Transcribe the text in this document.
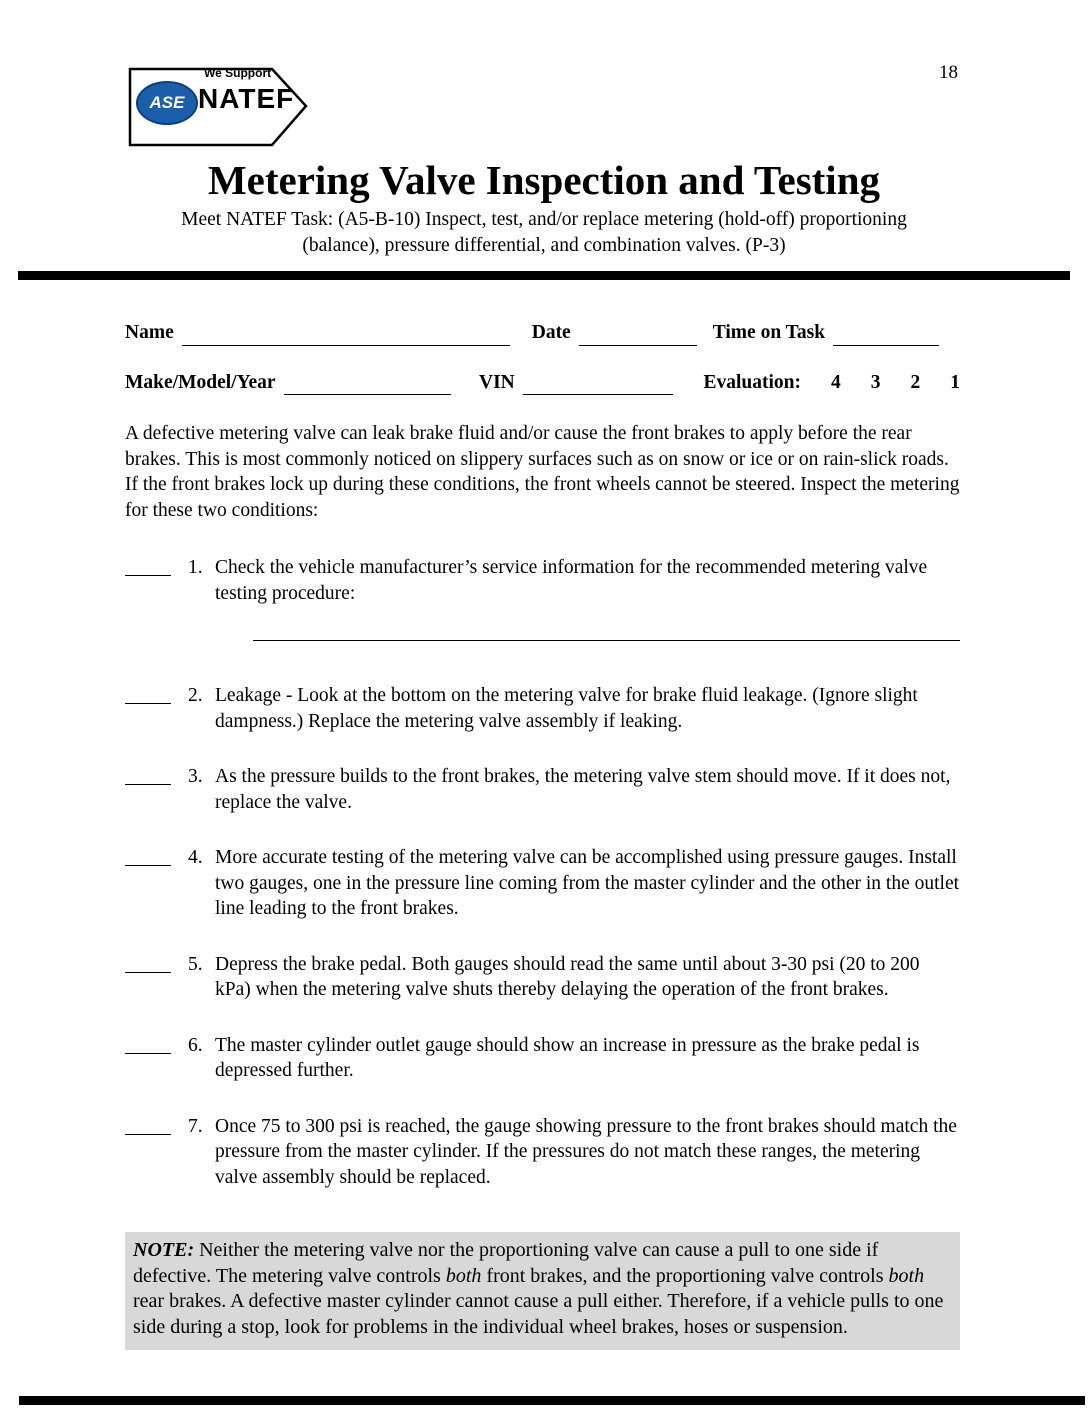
18
We Support
NATEF
ASE
Metering Valve Inspection and Testing
Meet NATEF Task: (A5-B-10) Inspect, test, and/or replace metering (hold-off) proportioning
(balance), pressure differential, and combination valves. (P-3)
Name	Date	Time on Task
Make/Model/Year	VIN	Evaluation: 4 3 2 1
A defective metering valve can leak brake fluid and/or cause the front brakes to apply before the rear brakes. This is most commonly noticed on slippery surfaces such as on snow or ice or on rain-slick roads. If the front brakes lock up during these conditions, the front wheels cannot be steered. Inspect the metering for these two conditions:
1. Check the vehicle manufacturer’s service information for the recommended metering valve testing procedure:
2. Leakage - Look at the bottom on the metering valve for brake fluid leakage. (Ignore slight dampness.) Replace the metering valve assembly if leaking.
3. As the pressure builds to the front brakes, the metering valve stem should move. If it does not, replace the valve.
4. More accurate testing of the metering valve can be accomplished using pressure gauges. Install two gauges, one in the pressure line coming from the master cylinder and the other in the outlet line leading to the front brakes.
5. Depress the brake pedal. Both gauges should read the same until about 3-30 psi (20 to 200 kPa) when the metering valve shuts thereby delaying the operation of the front brakes.
6. The master cylinder outlet gauge should show an increase in pressure as the brake pedal is depressed further.
7. Once 75 to 300 psi is reached, the gauge showing pressure to the front brakes should match the pressure from the master cylinder. If the pressures do not match these ranges, the metering valve assembly should be replaced.
NOTE: Neither the metering valve nor the proportioning valve can cause a pull to one side if defective. The metering valve controls both front brakes, and the proportioning valve controls both rear brakes. A defective master cylinder cannot cause a pull either. Therefore, if a vehicle pulls to one side during a stop, look for problems in the individual wheel brakes, hoses or suspension.
